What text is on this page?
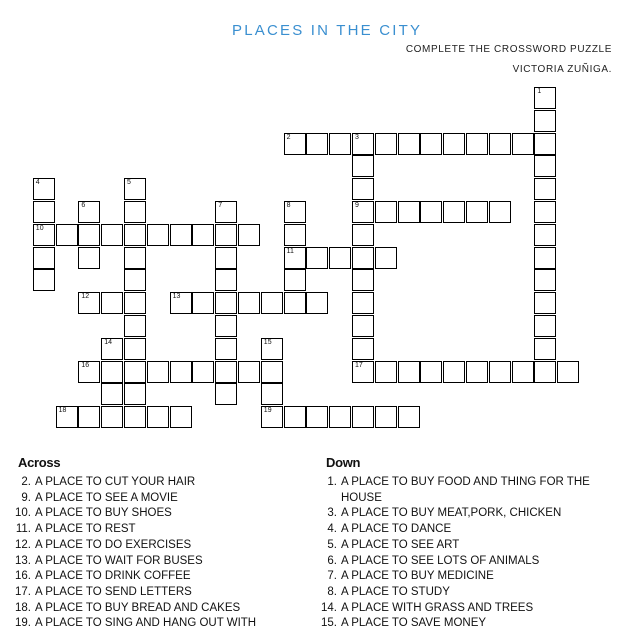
PLACES IN THE CITY
COMPLETE THE CROSSWORD PUZZLE
VICTORIA ZUÑIGA.
2	3
9
10
11
12	13
16	17
18	19
1
4	5
6	7	8
14	15
Across
2. A PLACE TO CUT YOUR HAIR
9. A PLACE TO SEE A MOVIE
10. A PLACE TO BUY SHOES
11. A PLACE TO REST
12. A PLACE TO DO EXERCISES
13. A PLACE TO WAIT FOR BUSES
16. A PLACE TO DRINK COFFEE
17. A PLACE TO SEND LETTERS
18. A PLACE TO BUY BREAD AND CAKES
19. A PLACE TO SING AND HANG OUT WITH
Down
1. A PLACE TO BUY FOOD AND THING FOR THE HOUSE
3. A PLACE TO BUY MEAT,PORK, CHICKEN
4. A PLACE TO DANCE
5. A PLACE TO SEE ART
6. A PLACE TO SEE LOTS OF ANIMALS
7. A PLACE TO BUY MEDICINE
8. A PLACE TO STUDY
14. A PLACE WITH GRASS AND TREES
15. A PLACE TO SAVE MONEY
